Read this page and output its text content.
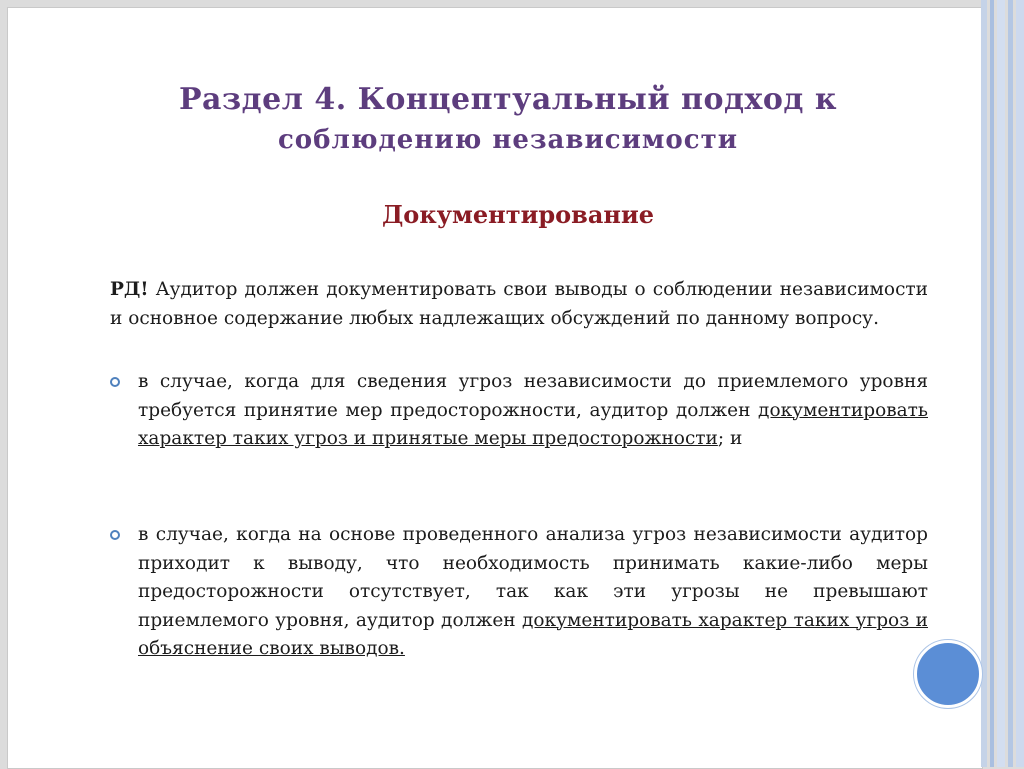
Раздел 4. Концептуальный подход к
соблюдению независимости
Документирование
РД! Аудитор должен документировать свои выводы о соблюдении независимости и основное содержание любых надлежащих обсуждений по данному вопросу.
в случае, когда для сведения угроз независимости до приемлемого уровня требуется принятие мер предосторожности, аудитор должен документировать характер таких угроз и принятые меры предосторожности; и
в случае, когда на основе проведенного анализа угроз независимости аудитор приходит к выводу, что необходимость принимать какие-либо меры предосторожности отсутствует, так как эти угрозы не превышают приемлемого уровня, аудитор должен документировать характер таких угроз и объяснение своих выводов.
